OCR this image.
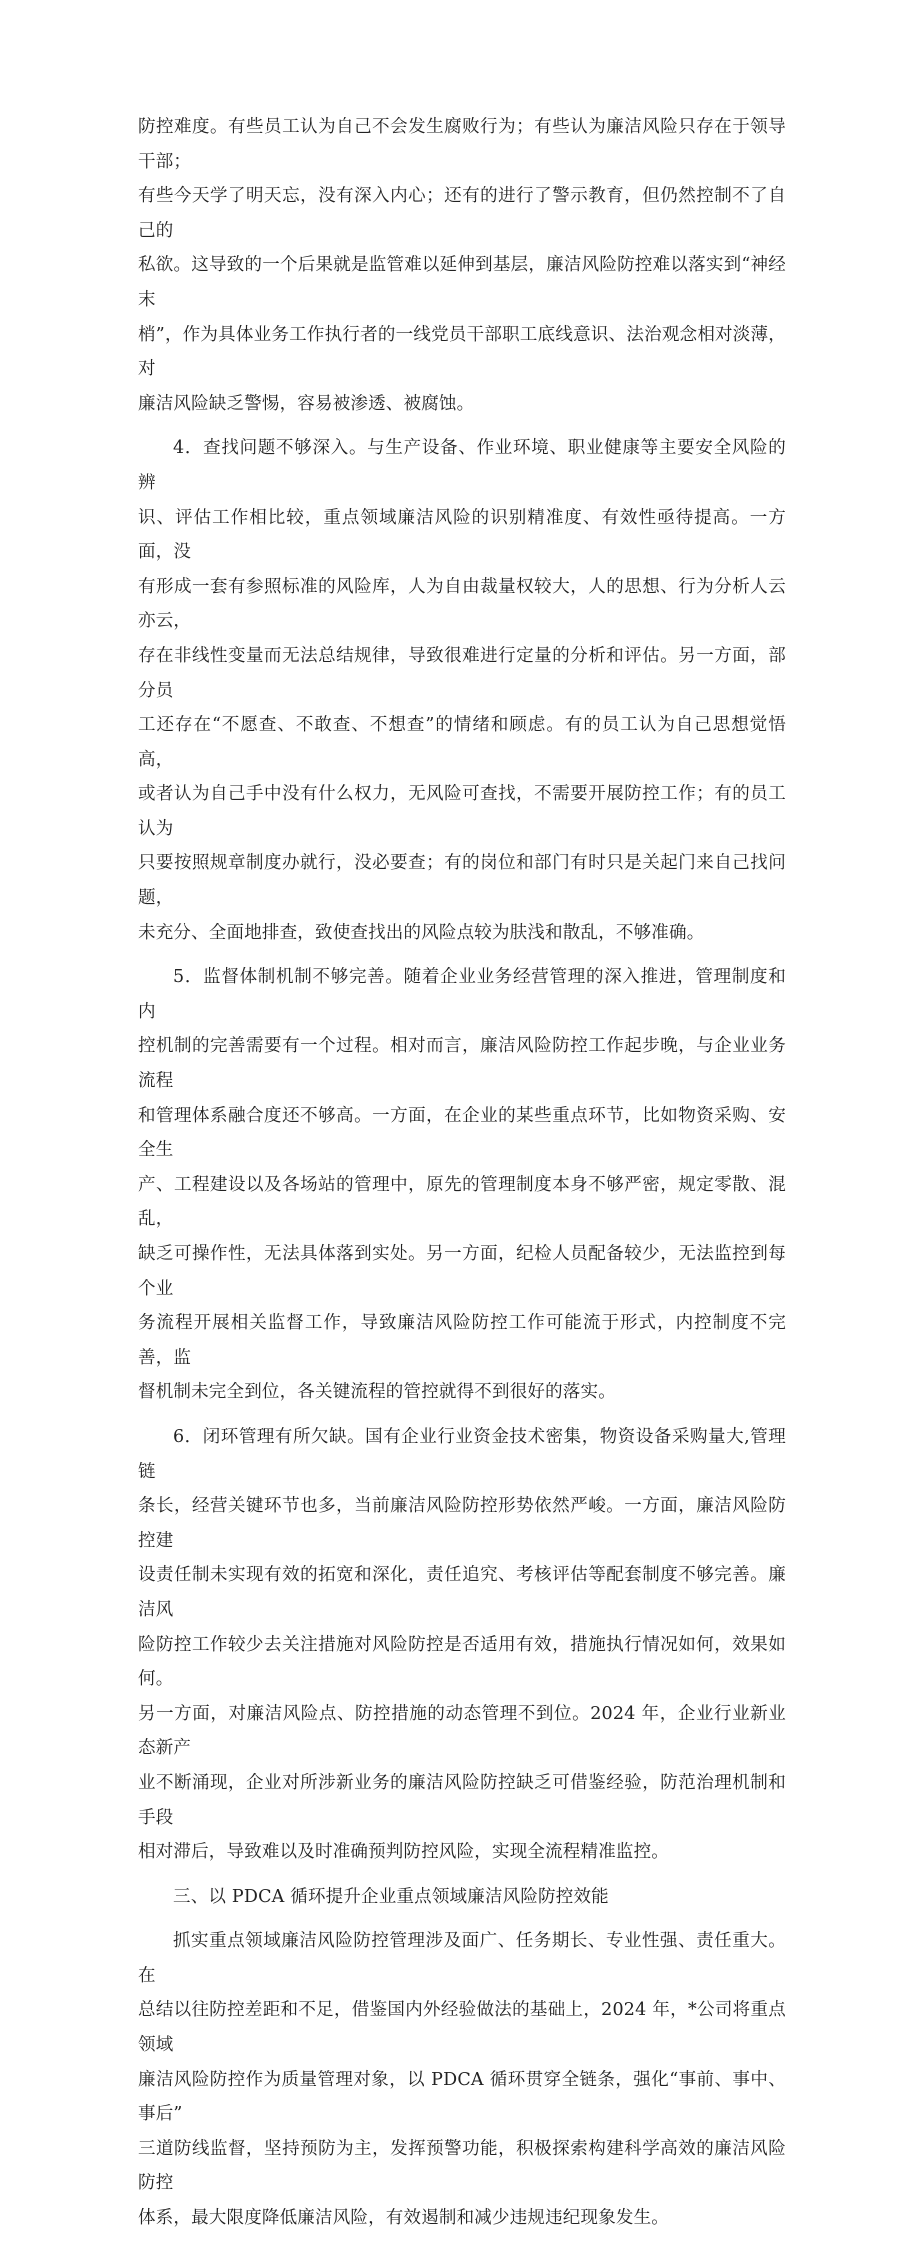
防控难度。有些员工认为自己不会发生腐败行为；有些认为廉洁风险只存在于领导干部；
有些今天学了明天忘，没有深入内心；还有的进行了警示教育，但仍然控制不了自己的
私欲。这导致的一个后果就是监管难以延伸到基层，廉洁风险防控难以落实到“神经末
梢”，作为具体业务工作执行者的一线党员干部职工底线意识、法治观念相对淡薄，对
廉洁风险缺乏警惕，容易被渗透、被腐蚀。

4．查找问题不够深入。与生产设备、作业环境、职业健康等主要安全风险的辨
识、评估工作相比较，重点领域廉洁风险的识别精准度、有效性亟待提高。一方面，没
有形成一套有参照标准的风险库，人为自由裁量权较大，人的思想、行为分析人云亦云，
存在非线性变量而无法总结规律，导致很难进行定量的分析和评估。另一方面，部分员
工还存在“不愿查、不敢查、不想查”的情绪和顾虑。有的员工认为自己思想觉悟高，
或者认为自己手中没有什么权力，无风险可查找，不需要开展防控工作；有的员工认为
只要按照规章制度办就行，没必要查；有的岗位和部门有时只是关起门来自己找问题，
未充分、全面地排查，致使查找出的风险点较为肤浅和散乱，不够准确。

5．监督体制机制不够完善。随着企业业务经营管理的深入推进，管理制度和内
控机制的完善需要有一个过程。相对而言，廉洁风险防控工作起步晚，与企业业务流程
和管理体系融合度还不够高。一方面，在企业的某些重点环节，比如物资采购、安全生
产、工程建设以及各场站的管理中，原先的管理制度本身不够严密，规定零散、混乱，
缺乏可操作性，无法具体落到实处。另一方面，纪检人员配备较少，无法监控到每个业
务流程开展相关监督工作，导致廉洁风险防控工作可能流于形式，内控制度不完善，监
督机制未完全到位，各关键流程的管控就得不到很好的落实。

6．闭环管理有所欠缺。国有企业行业资金技术密集，物资设备采购量大,管理链
条长，经营关键环节也多，当前廉洁风险防控形势依然严峻。一方面，廉洁风险防控建
设责任制未实现有效的拓宽和深化，责任追究、考核评估等配套制度不够完善。廉洁风
险防控工作较少去关注措施对风险防控是否适用有效，措施执行情况如何，效果如何。
另一方面，对廉洁风险点、防控措施的动态管理不到位。2024 年，企业行业新业态新产
业不断涌现，企业对所涉新业务的廉洁风险防控缺乏可借鉴经验，防范治理机制和手段
相对滞后，导致难以及时准确预判防控风险，实现全流程精准监控。

三、以 PDCA 循环提升企业重点领域廉洁风险防控效能

抓实重点领域廉洁风险防控管理涉及面广、任务期长、专业性强、责任重大。在
总结以往防控差距和不足，借鉴国内外经验做法的基础上，2024 年，*公司将重点领域
廉洁风险防控作为质量管理对象，以 PDCA 循环贯穿全链条，强化“事前、事中、事后”
三道防线监督，坚持预防为主，发挥预警功能，积极探索构建科学高效的廉洁风险防控
体系，最大限度降低廉洁风险，有效遏制和减少违规违纪现象发生。
